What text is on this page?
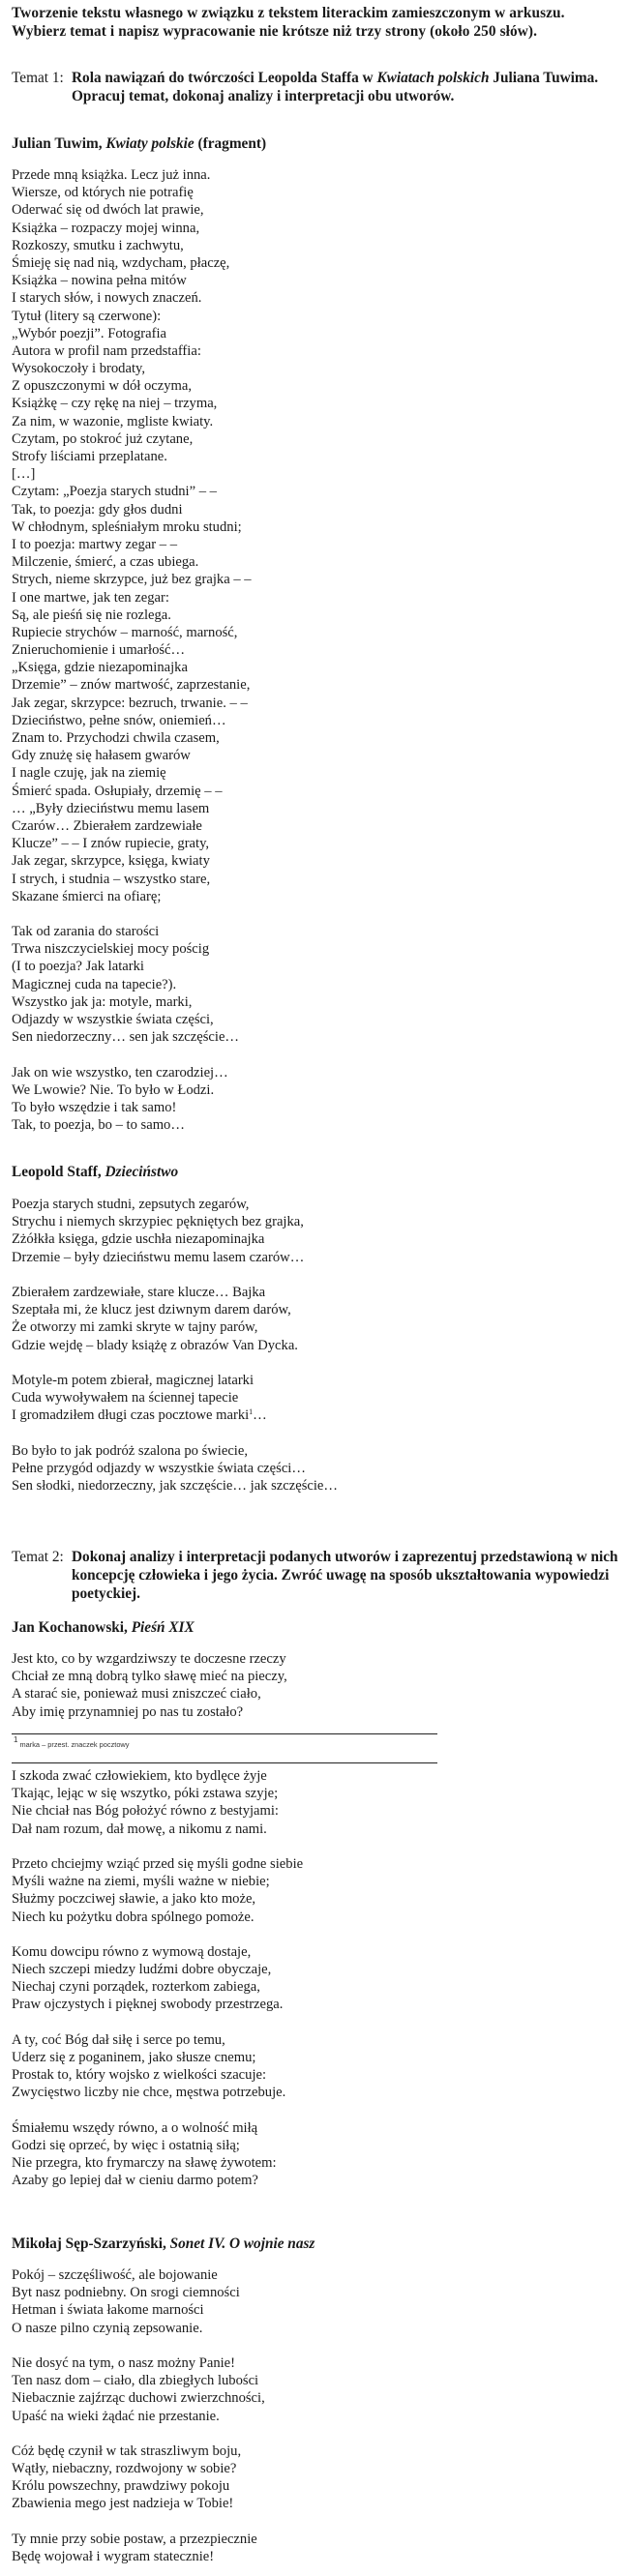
Tworzenie tekstu własnego w związku z tekstem literackim zamieszczonym w arkuszu.
Wybierz temat i napisz wypracowanie nie krótsze niż trzy strony (około 250 słów).
Temat 1: Rola nawiązań do twórczości Leopolda Staffa w Kwiatach polskich Juliana Tuwima.
Opracuj temat, dokonaj analizy i interpretacji obu utworów.
Julian Tuwim, Kwiaty polskie (fragment)
Przede mną książka. Lecz już inna.
Wiersze, od których nie potrafię
Oderwać się od dwóch lat prawie,
Książka – rozpaczy mojej winna,
Rozkoszy, smutku i zachwytu,
Śmieję się nad nią, wzdycham, płaczę,
Książka – nowina pełna mitów
I starych słów, i nowych znaczeń.
Tytuł (litery są czerwone):
„Wybór poezji”. Fotografia
Autora w profil nam przedstaffia:
Wysokoczoły i brodaty,
Z opuszczonymi w dół oczyma,
Książkę – czy rękę na niej – trzyma,
Za nim, w wazonie, mgliste kwiaty.
Czytam, po stokroć już czytane,
Strofy liściami przeplatane.
[…]
Czytam: „Poezja starych studni” – –
Tak, to poezja: gdy głos dudni
W chłodnym, spleśniałym mroku studni;
I to poezja: martwy zegar – –
Milczenie, śmierć, a czas ubiega.
Strych, nieme skrzypce, już bez grajka – –
I one martwe, jak ten zegar:
Są, ale pieśń się nie rozlega.
Rupiecie strychów – marność, marność,
Znieruchomienie i umarłość…
„Księga, gdzie niezapominajka
Drzemie” – znów martwość, zaprzestanie,
Jak zegar, skrzypce: bezruch, trwanie. – –
Dzieciństwo, pełne snów, oniemień…
Znam to. Przychodzi chwila czasem,
Gdy znużę się hałasem gwarów
I nagle czuję, jak na ziemię
Śmierć spada. Osłupiały, drzemię – –
… „Były dzieciństwu memu lasem
Czarów… Zbierałem zardzewiałe
Klucze” – – I znów rupiecie, graty,
Jak zegar, skrzypce, księga, kwiaty
I strych, i studnia – wszystko stare,
Skazane śmierci na ofiarę;
Tak od zarania do starości
Trwa niszczycielskiej mocy pościg
(I to poezja? Jak latarki
Magicznej cuda na tapecie?).
Wszystko jak ja: motyle, marki,
Odjazdy w wszystkie świata części,
Sen niedorzeczny… sen jak szczęście…
Jak on wie wszystko, ten czarodziej…
We Lwowie? Nie. To było w Łodzi.
To było wszędzie i tak samo!
Tak, to poezja, bo – to samo…
Leopold Staff, Dzieciństwo
Poezja starych studni, zepsutych zegarów,
Strychu i niemych skrzypiec pękniętych bez grajka,
Zżółkła księga, gdzie uschła niezapominajka
Drzemie – były dzieciństwu memu lasem czarów…
Zbierałem zardzewiałe, stare klucze… Bajka
Szeptała mi, że klucz jest dziwnym darem darów,
Że otworzy mi zamki skryte w tajny parów,
Gdzie wejdę – blady książę z obrazów Van Dycka.
Motyle-m potem zbierał, magicznej latarki
Cuda wywoływałem na ściennej tapecie
I gromadziłem długi czas pocztowe marki$^1$…
Bo było to jak podróż szalona po świecie,
Pełne przygód odjazdy w wszystkie świata części…
Sen słodki, niedorzeczny, jak szczęście… jak szczęście…
Temat 2: Dokonaj analizy i interpretacji podanych utworów i zaprezentuj przedstawioną w nich
koncepcję człowieka i jego życia. Zwróć uwagę na sposób ukształtowania wypowiedzi
poetyckiej.
Jan Kochanowski, Pieśń XIX
Jest kto, co by wzgardziwszy te doczesne rzeczy
Chciał ze mną dobrą tylko sławę mieć na pieczy,
A starać sie, ponieważ musi zniszczeć ciało,
Aby imię przynamniej po nas tu zostało?
$^1$ marka – przest. znaczek pocztowy
I szkoda zwać człowiekiem, kto bydlęce żyje
Tkając, lejąc w się wszytko, póki zstawa szyje;
Nie chciał nas Bóg położyć równo z bestyjami:
Dał nam rozum, dał mowę, a nikomu z nami.
Przeto chciejmy wziąć przed się myśli godne siebie
Myśli ważne na ziemi, myśli ważne w niebie;
Służmy poczciwej sławie, a jako kto może,
Niech ku pożytku dobra spólnego pomoże.
Komu dowcipu równo z wymową dostaje,
Niech szczepi miedzy ludźmi dobre obyczaje,
Niechaj czyni porządek, rozterkom zabiega,
Praw ojczystych i pięknej swobody przestrzega.
A ty, coć Bóg dał siłę i serce po temu,
Uderz się z poganinem, jako słusze cnemu;
Prostak to, który wojsko z wielkości szacuje:
Zwycięstwo liczby nie chce, męstwa potrzebuje.
Śmiałemu wszędy równo, a o wolność miłą
Godzi się oprzeć, by więc i ostatnią siłą;
Nie przegra, kto frymarczy na sławę żywotem:
Azaby go lepiej dał w cieniu darmo potem?
Mikołaj Sęp-Szarzyński, Sonet IV. O wojnie nasz
Pokój – szczęśliwość, ale bojowanie
Byt nasz podniebny. On srogi ciemności
Hetman i świata łakome marności
O nasze pilno czynią zepsowanie.
Nie dosyć na tym, o nasz możny Panie!
Ten nasz dom – ciało, dla zbiegłych lubości
Niebacznie zajźrząc duchowi zwierzchności,
Upaść na wieki żądać nie przestanie.
Cóż będę czynił w tak straszliwym boju,
Wątły, niebaczny, rozdwojony w sobie?
Królu powszechny, prawdziwy pokoju
Zbawienia mego jest nadzieja w Tobie!
Ty mnie przy sobie postaw, a przezpiecznie
Będę wojował i wygram statecznie!
